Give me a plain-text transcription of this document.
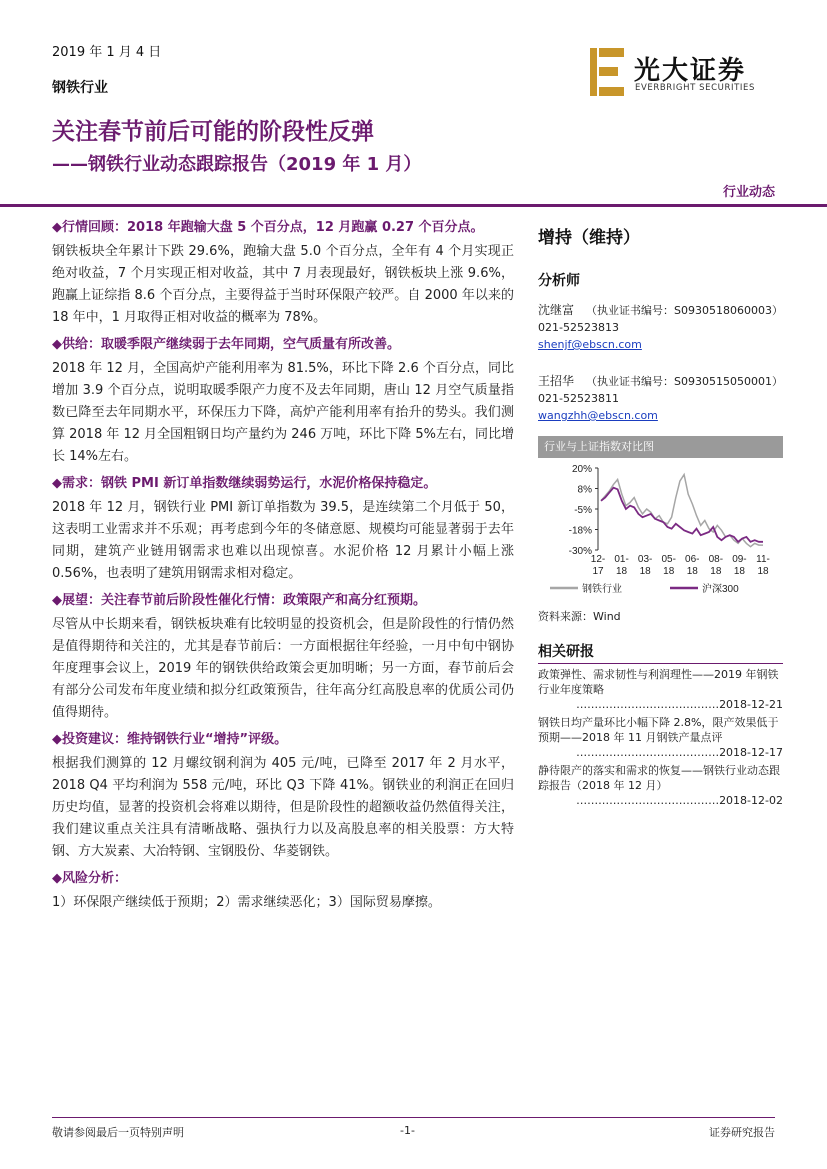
2019 年 1 月 4 日
钢铁行业
光大证券
EVERBRIGHT SECURITIES
关注春节前后可能的阶段性反弹
——钢铁行业动态跟踪报告（2019 年 1 月）
行业动态
◆行情回顾：2018 年跑输大盘 5 个百分点，12 月跑赢 0.27 个百分点。

钢铁板块全年累计下跌 29.6%，跑输大盘 5.0 个百分点，全年有 4 个月实现正绝对收益，7 个月实现正相对收益，其中 7 月表现最好，钢铁板块上涨 9.6%，跑赢上证综指 8.6 个百分点，主要得益于当时环保限产较严。自 2000 年以来的 18 年中，1 月取得正相对收益的概率为 78%。

◆供给：取暖季限产继续弱于去年同期，空气质量有所改善。

2018 年 12 月，全国高炉产能利用率为 81.5%，环比下降 2.6 个百分点，同比增加 3.9 个百分点，说明取暖季限产力度不及去年同期，唐山 12 月空气质量指数已降至去年同期水平，环保压力下降，高炉产能利用率有抬升的势头。我们测算 2018 年 12 月全国粗钢日均产量约为 246 万吨，环比下降 5%左右，同比增长 14%左右。

◆需求：钢铁 PMI 新订单指数继续弱势运行，水泥价格保持稳定。

2018 年 12 月，钢铁行业 PMI 新订单指数为 39.5，是连续第二个月低于 50，这表明工业需求并不乐观；再考虑到今年的冬储意愿、规模均可能显著弱于去年同期，建筑产业链用钢需求也难以出现惊喜。水泥价格 12 月累计小幅上涨 0.56%，也表明了建筑用钢需求相对稳定。

◆展望：关注春节前后阶段性催化行情：政策限产和高分红预期。

尽管从中长期来看，钢铁板块难有比较明显的投资机会，但是阶段性的行情仍然是值得期待和关注的，尤其是春节前后：一方面根据往年经验，一月中旬中钢协年度理事会议上，2019 年的钢铁供给政策会更加明晰；另一方面，春节前后会有部分公司发布年度业绩和拟分红政策预告，往年高分红高股息率的优质公司仍值得期待。

◆投资建议：维持钢铁行业“增持”评级。

根据我们测算的 12 月螺纹钢利润为 405 元/吨，已降至 2017 年 2 月水平，2018 Q4 平均利润为 558 元/吨，环比 Q3 下降 41%。钢铁业的利润正在回归历史均值，显著的投资机会将难以期待，但是阶段性的超额收益仍然值得关注，我们建议重点关注具有清晰战略、强执行力以及高股息率的相关股票：方大特钢、方大炭素、大冶特钢、宝钢股份、华菱钢铁。

◆风险分析：

1）环保限产继续低于预期；2）需求继续恶化；3）国际贸易摩擦。

增持（维持）
分析师
沈继富 （执业证书编号：S0930518060003）
021-52523813
shenjf@ebscn.com
王招华 （执业证书编号：S0930515050001）
021-52523811
wangzhh@ebscn.com
行业与上证指数对比图
20%
8%
-5%
-18%
-30%
12-
17
01-
18
03-
18
05-
18
06-
18
08-
18
09-
18
11-
18
钢铁行业	沪深300
资料来源：Wind
相关研报
政策弹性、需求韧性与利润理性——2019 年钢铁行业年度策略
…………………………………2018-12-21
钢铁日均产量环比小幅下降 2.8%，限产效果低于预期——2018 年 11 月钢铁产量点评
…………………………………2018-12-17
静待限产的落实和需求的恢复——钢铁行业动态跟踪报告（2018 年 12 月）
…………………………………2018-12-02
敬请参阅最后一页特别声明	-1-	证券研究报告
